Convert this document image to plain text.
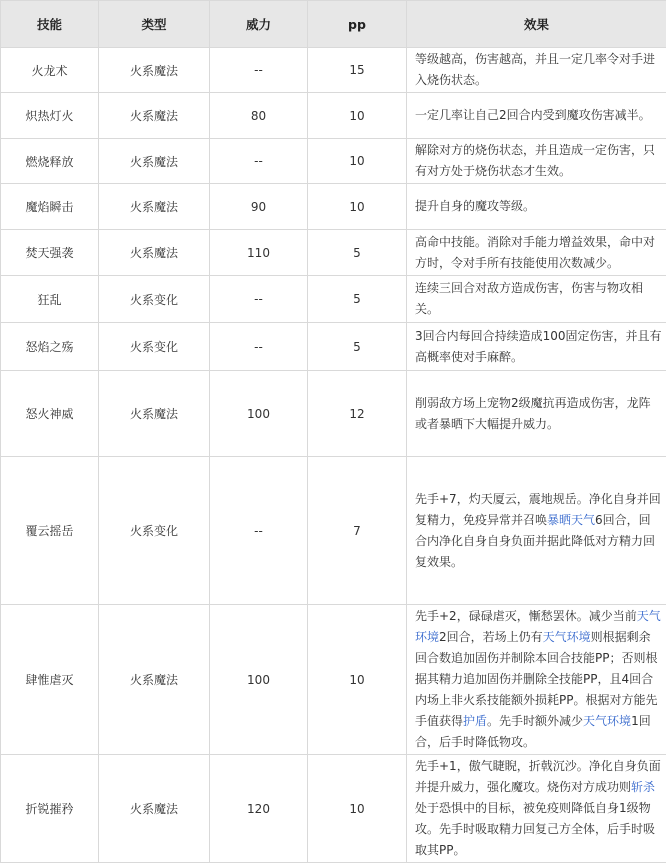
技能	类型	威力	pp	效果
火龙术	火系魔法	--	15	等级越高，伤害越高，并且一定几率令对手进入烧伤状态。
炽热灯火	火系魔法	80	10	一定几率让自己2回合内受到魔攻伤害减半。
燃烧释放	火系魔法	--	10	解除对方的烧伤状态，并且造成一定伤害，只有对方处于烧伤状态才生效。
魔焰瞬击	火系魔法	90	10	提升自身的魔攻等级。
焚天强袭	火系魔法	110	5	高命中技能。消除对手能力增益效果，命中对方时，令对手所有技能使用次数减少。
狂乱	火系变化	--	5	连续三回合对敌方造成伤害，伤害与物攻相关。
怒焰之殇	火系变化	--	5	3回合内每回合持续造成100固定伤害，并且有高概率使对手麻醉。
怒火神威	火系魔法	100	12	削弱敌方场上宠物2级魔抗再造成伤害，龙阵或者暴晒下大幅提升威力。
覆云摇岳	火系变化	--	7	先手+7，灼天厦云，震地规岳。净化自身并回复精力，免疫异常并召唤暴晒天气6回合，回合内净化自身自身负面并据此降低对方精力回复效果。
肆惟虐灭	火系魔法	100	10	先手+2，碌碌虐灭，慚愁罢休。减少当前天气环境2回合，若场上仍有天气环境则根据剩余回合数追加固伤并制除本回合技能PP；否则根据其精力追加固伤并删除全技能PP，且4回合内场上非火系技能额外损耗PP。根据对方能先手值获得护盾。先手时额外减少天气环境1回合，后手时降低物攻。
折锐摧矜	火系魔法	120	10	先手+1，傲气睫睨，折戟沉沙。净化自身负面并提升威力，强化魔攻。烧伤对方成功则斩杀处于恐惧中的目标，被免疫则降低自身1级物攻。先手时吸取精力回复己方全体，后手时吸取其PP。
